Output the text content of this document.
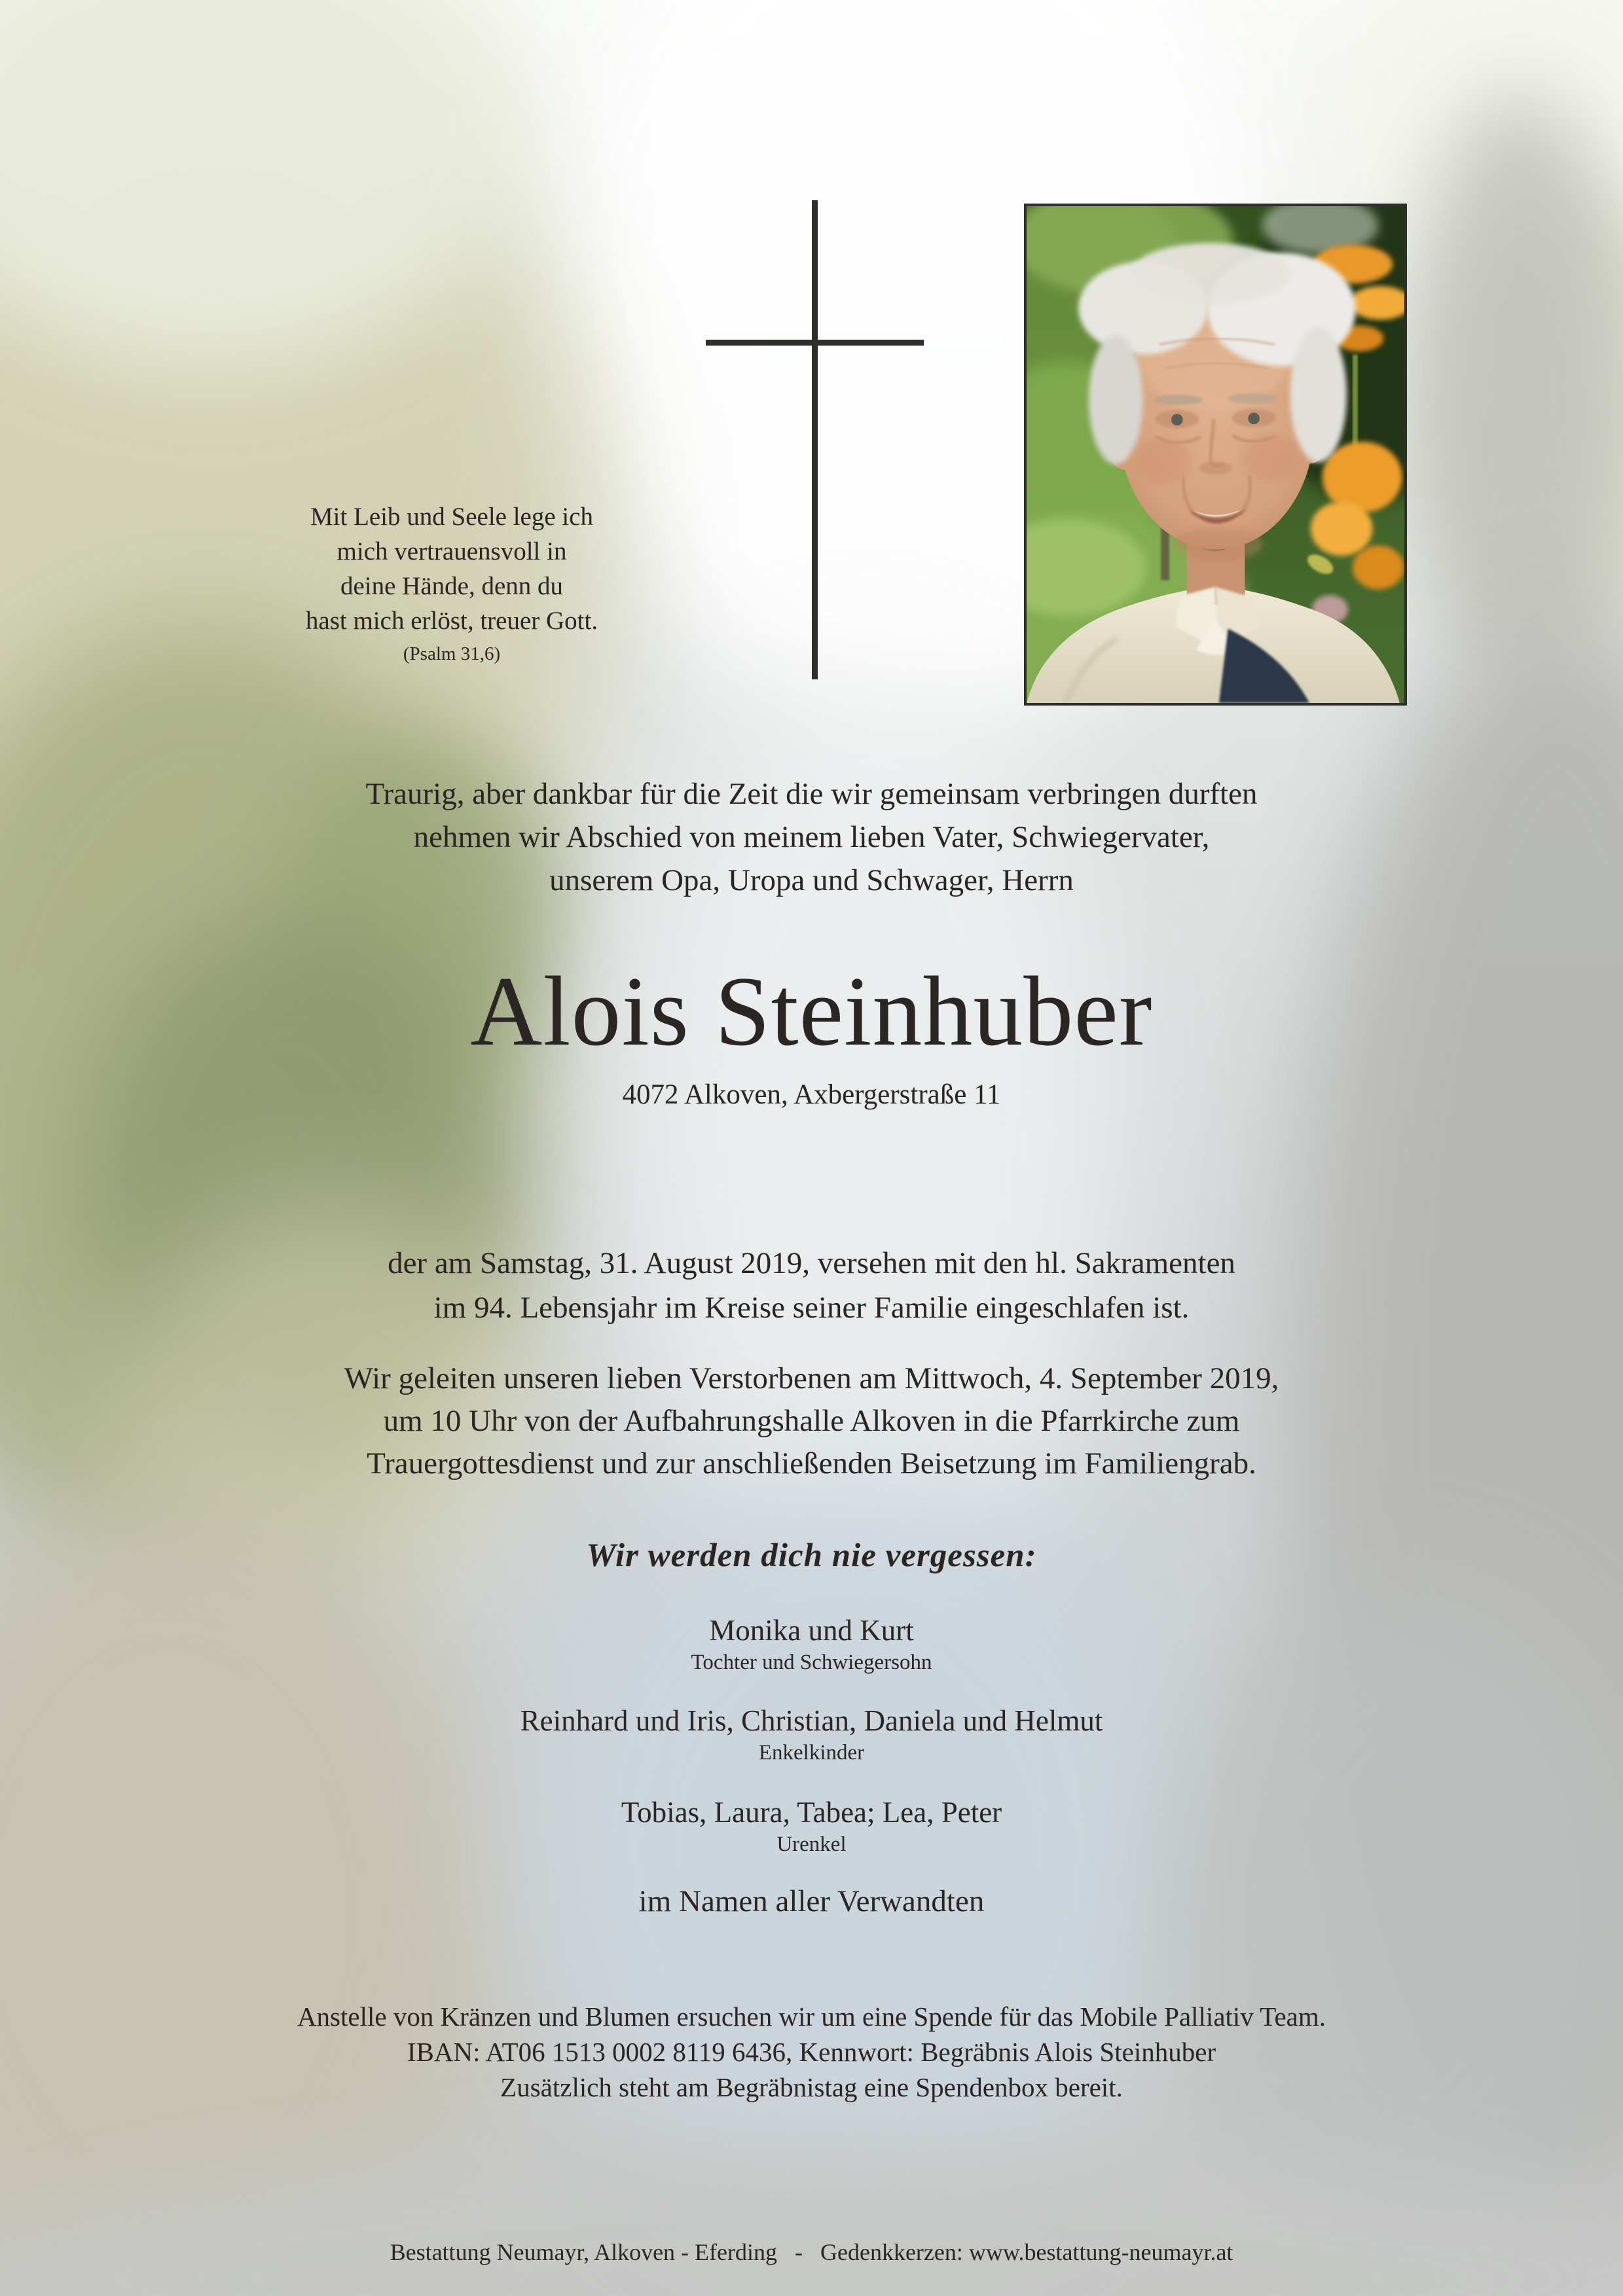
Mit Leib und Seele lege ich
mich vertrauensvoll in
deine Hände, denn du
hast mich erlöst, treuer Gott.
(Psalm 31,6)
Traurig, aber dankbar für die Zeit die wir gemeinsam verbringen durften
nehmen wir Abschied von meinem lieben Vater, Schwiegervater,
unserem Opa, Uropa und Schwager, Herrn
Alois Steinhuber
4072 Alkoven, Axbergerstraße 11
der am Samstag, 31. August 2019, versehen mit den hl. Sakramenten
im 94. Lebensjahr im Kreise seiner Familie eingeschlafen ist.
Wir geleiten unseren lieben Verstorbenen am Mittwoch, 4. September 2019,
um 10 Uhr von der Aufbahrungshalle Alkoven in die Pfarrkirche zum
Trauergottesdienst und zur anschließenden Beisetzung im Familiengrab.
Wir werden dich nie vergessen:
Monika und Kurt
Tochter und Schwiegersohn
Reinhard und Iris, Christian, Daniela und Helmut
Enkelkinder
Tobias, Laura, Tabea; Lea, Peter
Urenkel
im Namen aller Verwandten
Anstelle von Kränzen und Blumen ersuchen wir um eine Spende für das Mobile Palliativ Team.
IBAN: AT06 1513 0002 8119 6436, Kennwort: Begräbnis Alois Steinhuber
Zusätzlich steht am Begräbnistag eine Spendenbox bereit.
Bestattung Neumayr, Alkoven - Eferding   -   Gedenkkerzen: www.bestattung-neumayr.at
